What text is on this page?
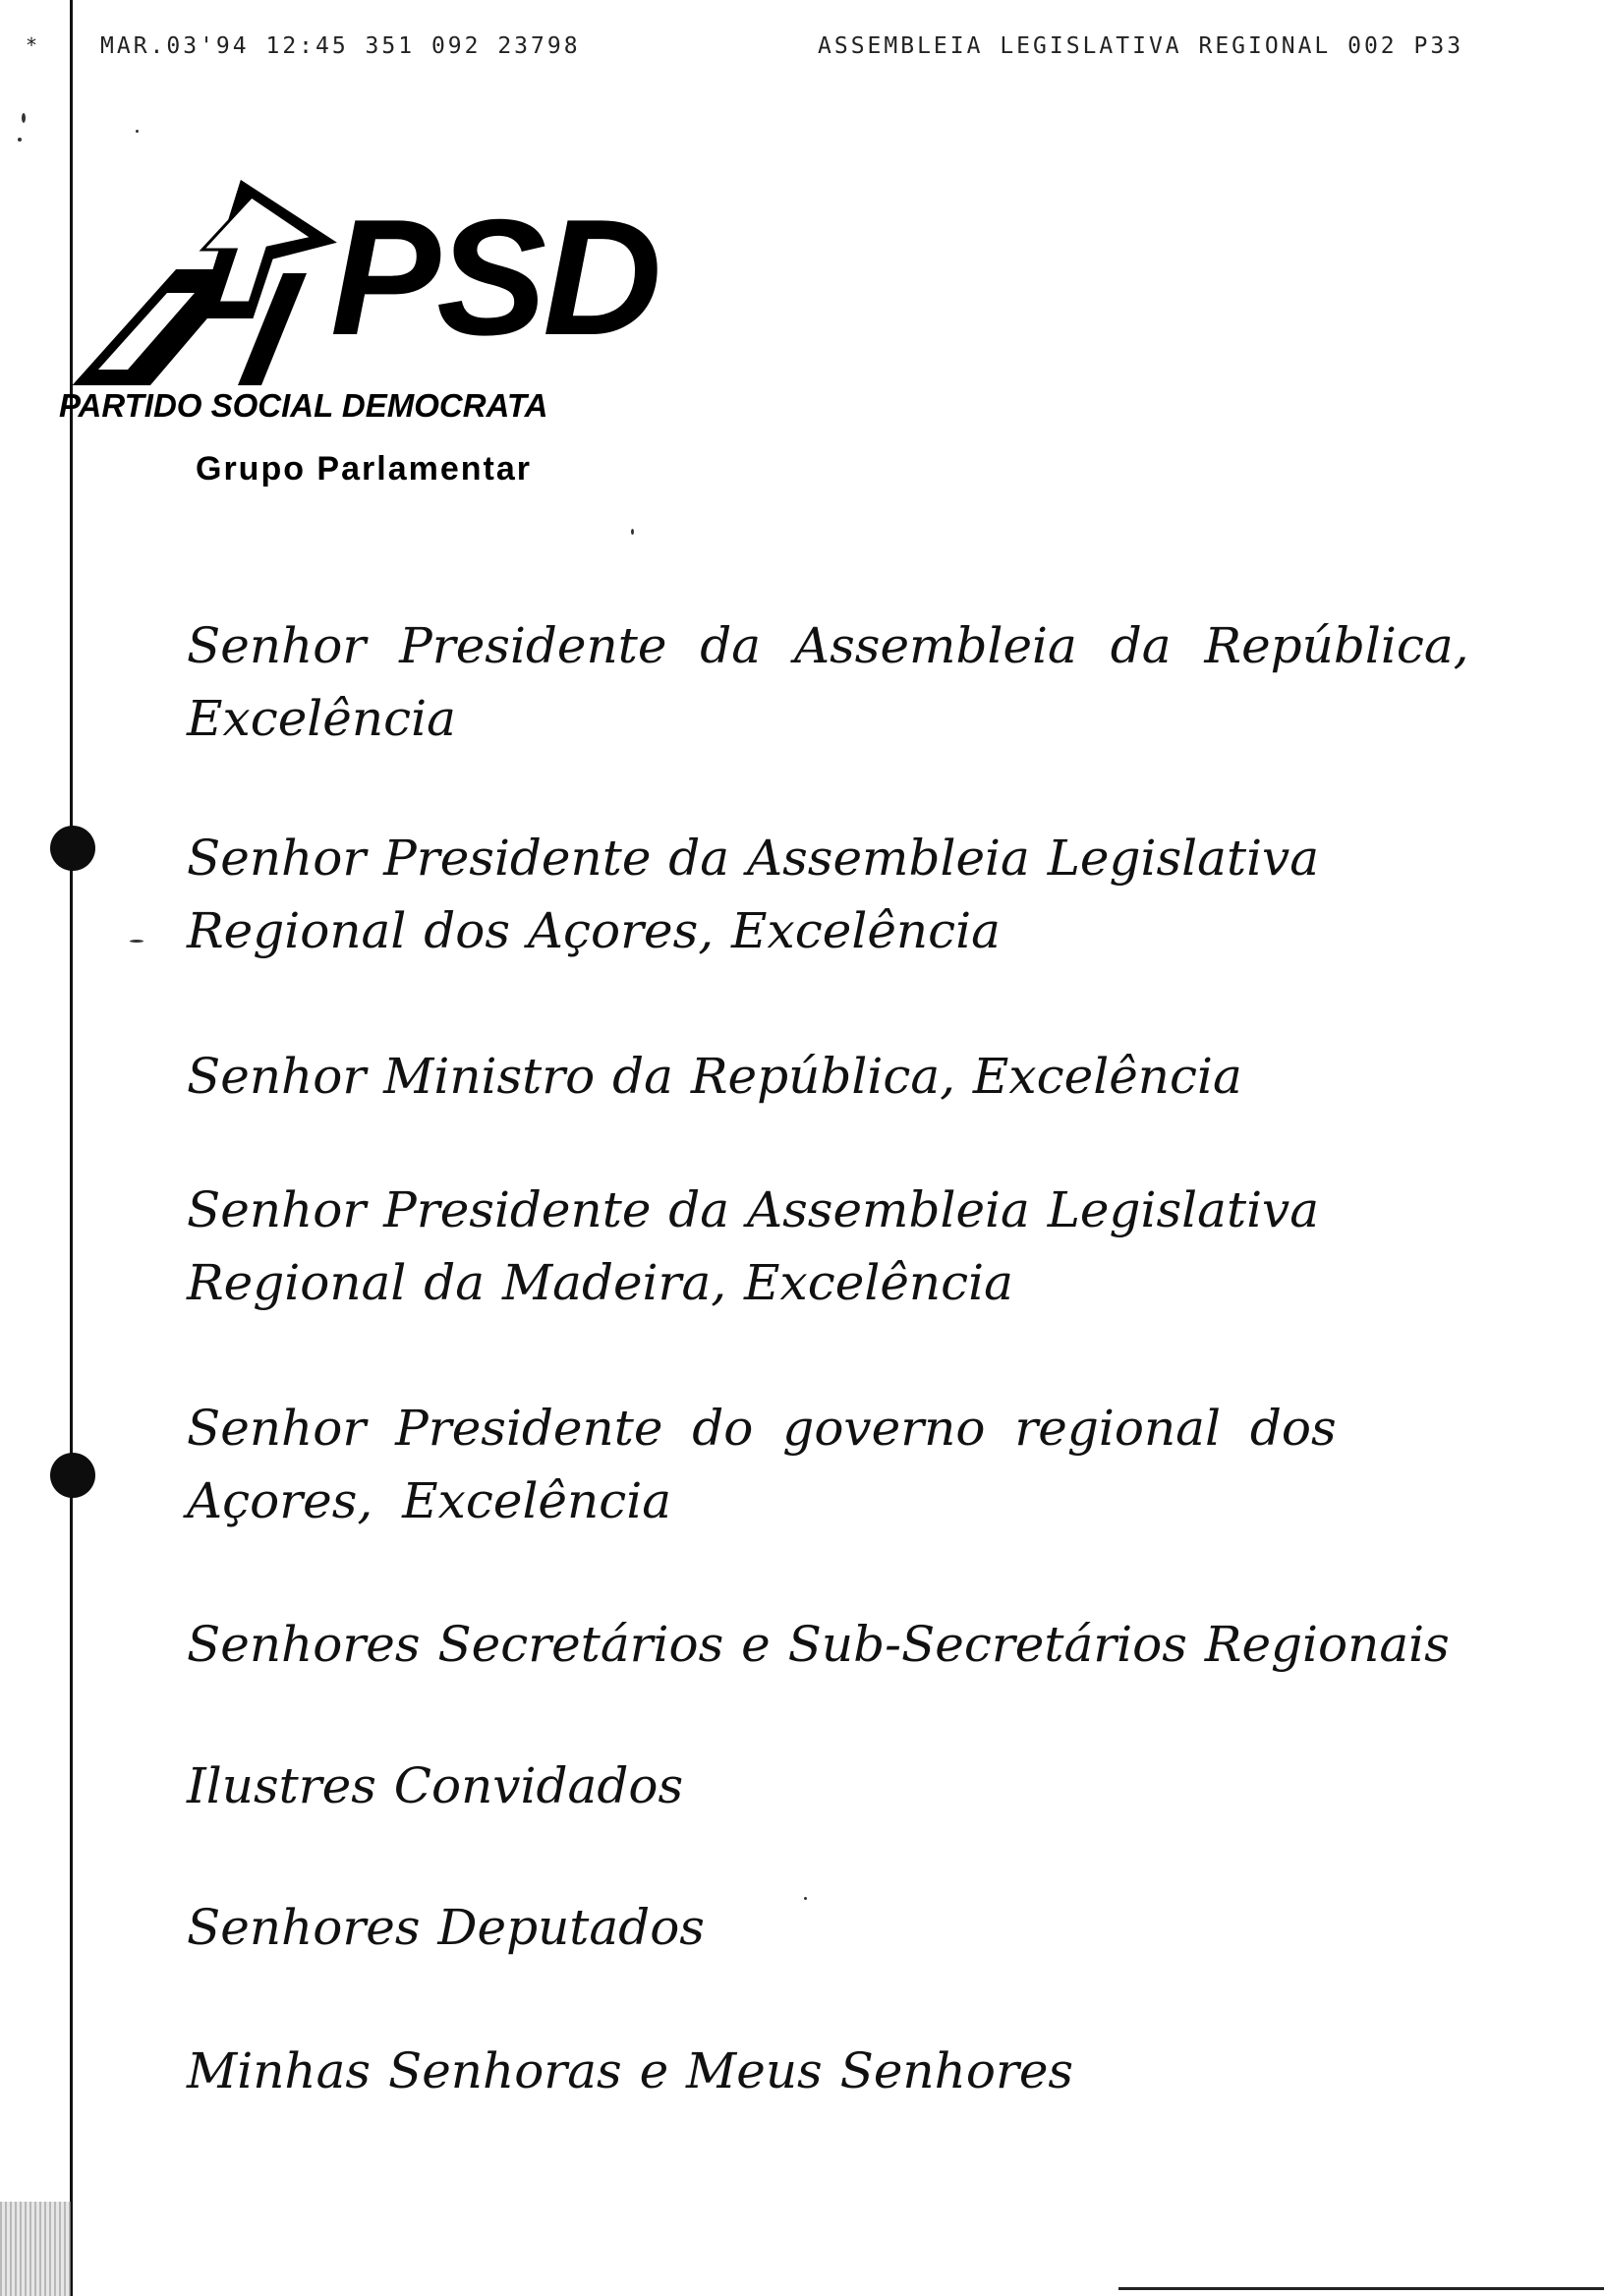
*	MAR.03'94 12:45 351 092 23798	ASSEMBLEIA LEGISLATIVA REGIONAL 002 P33
PSD
PARTIDO SOCIAL DEMOCRATA
Grupo Parlamentar
Senhor Presidente da Assembleia da República, Excelência
Senhor Presidente da Assembleia Legislativa Regional dos Açores, Excelência
Senhor Ministro da República, Excelência
Senhor Presidente da Assembleia Legislativa Regional da Madeira, Excelência
Senhor Presidente do governo regional dos Açores, Excelência
Senhores Secretários e Sub-Secretários Regionais
Ilustres Convidados
Senhores Deputados
Minhas Senhoras e Meus Senhores
